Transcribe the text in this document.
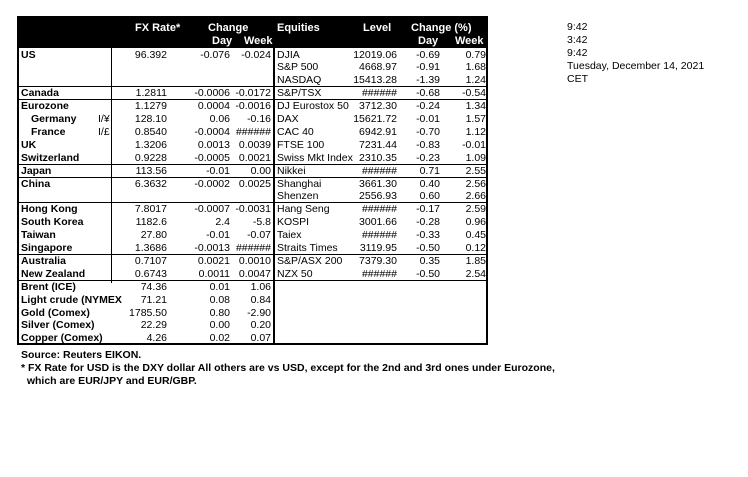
FX Rate*	Change
Day Week
Equities	Level Change (%)
Day Week
US	96.392	-0.076	-0.024
Canada	1.2811	-0.0006 -0.0172
Eurozone	1.1279	0.0004 -0.0016
Germany I/¥	128.10	0.06	-0.16
France	I/£	0.8540	-0.0004 ######
UK	1.3206	0.0013 0.0039
Switzerland	0.9228	-0.0005 0.0021
Japan	113.56	-0.01	0.00
China	6.3632	-0.0002 0.0025
Hong Kong	7.8017	-0.0007 -0.0031
South Korea	1182.6	2.4	-5.8
Taiwan	27.80	-0.01	-0.07
Singapore	1.3686	-0.0013 ######
Australia	0.7107	0.0021 0.0010
New Zealand	0.6743	0.0011 0.0047
Brent (ICE)	74.36	0.01	1.06
Light crude (NYMEX	71.21	0.08	0.84
Gold (Comex)	1785.50	0.80	-2.90
Silver (Comex)	22.29	0.00	0.20
Copper (Comex)	4.26	0.02	0.07
DJIA	12019.06	-0.69	0.79
S&P 500	4668.97	-0.91	1.68
NASDAQ	15413.28	-1.39	1.24
S&P/TSX	######	-0.68	-0.54
DJ Eurostox 50 3712.30	-0.24	1.34
DAX	15621.72	-0.01	1.57
CAC 40	6942.91	-0.70	1.12
FTSE 100	7231.44	-0.83	-0.01
Swiss Mkt Index 2310.35	-0.23	1.09
Nikkei	######	0.71	2.55
Shanghai	3661.30	0.40	2.56
Shenzen	2556.93	0.60	2.66
Hang Seng	######	-0.17	2.59
KOSPI	3001.66	-0.28	0.96
Taiex	######	-0.33	0.45
Straits Times	3119.95	-0.50	0.12
S&P/ASX 200	7379.30	0.35	1.85
NZX 50	######	-0.50	2.54
Source: Reuters EIKON.
* FX Rate for USD is the DXY dollar All others are vs USD, except for the 2nd and 3rd ones under Eurozone,
which are EUR/JPY and EUR/GBP.
9:42
3:42
9:42
Tuesday, December 14, 2021
CET
